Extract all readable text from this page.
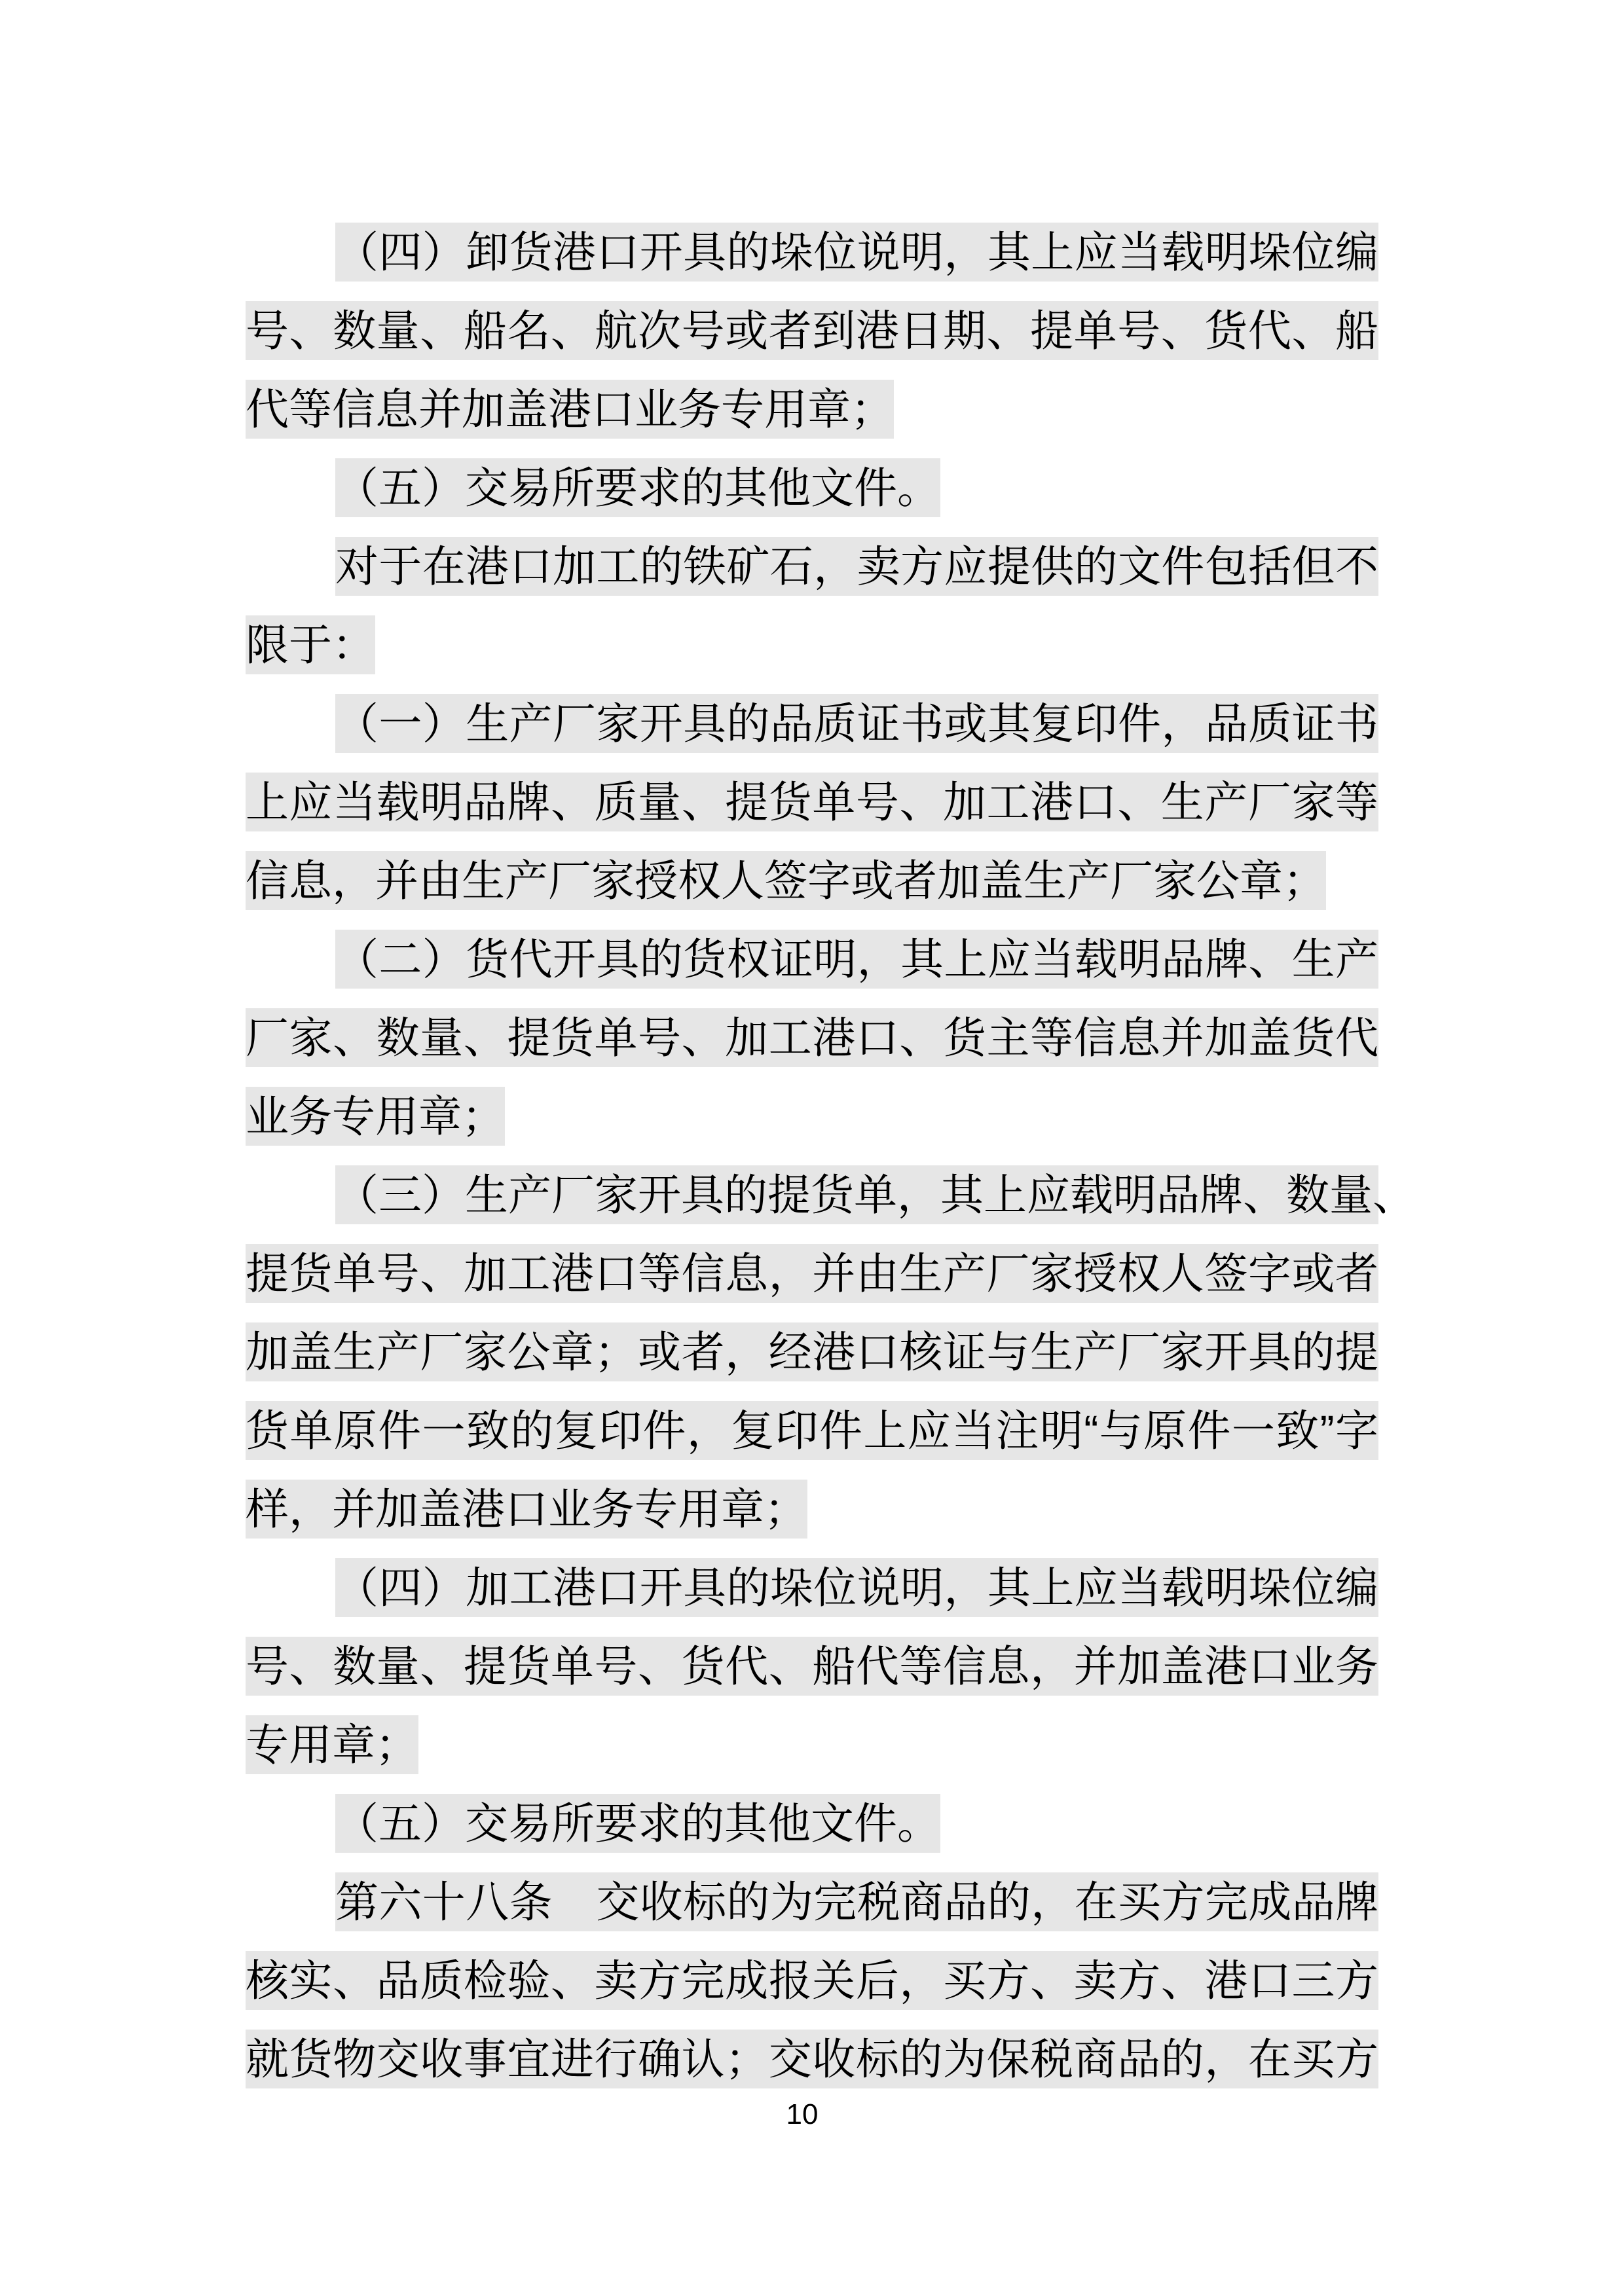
（四）卸货港口开具的垛位说明，其上应当载明垛位编
号、数量、船名、航次号或者到港日期、提单号、货代、船
代等信息并加盖港口业务专用章；
（五）交易所要求的其他文件。
对于在港口加工的铁矿石，卖方应提供的文件包括但不
限于：
（一）生产厂家开具的品质证书或其复印件，品质证书
上应当载明品牌、质量、提货单号、加工港口、生产厂家等
信息，并由生产厂家授权人签字或者加盖生产厂家公章；
（二）货代开具的货权证明，其上应当载明品牌、生产
厂家、数量、提货单号、加工港口、货主等信息并加盖货代
业务专用章；
（三）生产厂家开具的提货单，其上应载明品牌、数量、
提货单号、加工港口等信息，并由生产厂家授权人签字或者
加盖生产厂家公章；或者，经港口核证与生产厂家开具的提
货单原件一致的复印件，复印件上应当注明“与原件一致”字
样，并加盖港口业务专用章；
（四）加工港口开具的垛位说明，其上应当载明垛位编
号、数量、提货单号、货代、船代等信息，并加盖港口业务
专用章；
（五）交易所要求的其他文件。
第六十八条　交收标的为完税商品的，在买方完成品牌
核实、品质检验、卖方完成报关后，买方、卖方、港口三方
就货物交收事宜进行确认；交收标的为保税商品的，在买方
10
